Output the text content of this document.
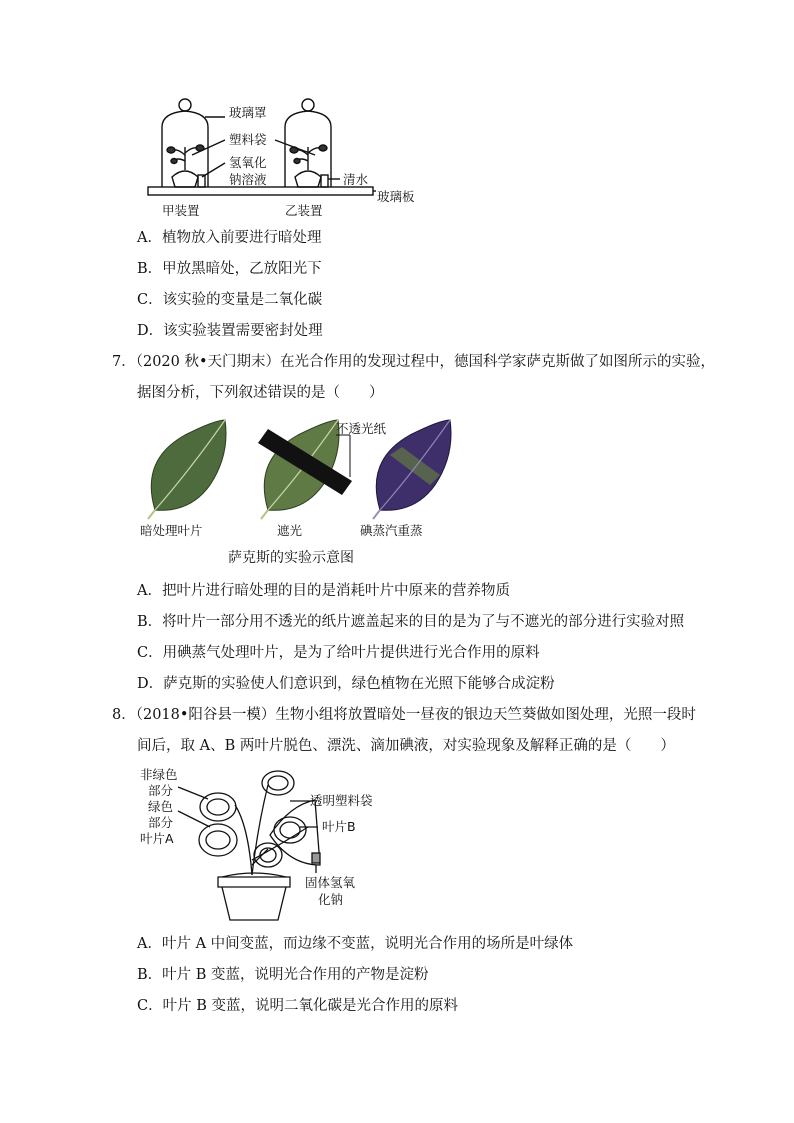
玻璃罩
塑料袋
氢氧化
钠溶液	清水
玻璃板
甲装置	乙装置
A．植物放入前要进行暗处理
B．甲放黑暗处，乙放阳光下
C．该实验的变量是二氧化碳
D．该实验装置需要密封处理
7．（2020 秋•天门期末）在光合作用的发现过程中，德国科学家萨克斯做了如图所示的实验，
据图分析，下列叙述错误的是（　　）
不透光纸
暗处理叶片	遮光	碘蒸汽重蒸
萨克斯的实验示意图
A．把叶片进行暗处理的目的是消耗叶片中原来的营养物质
B．将叶片一部分用不透光的纸片遮盖起来的目的是为了与不遮光的部分进行实验对照
C．用碘蒸气处理叶片，是为了给叶片提供进行光合作用的原料
D．萨克斯的实验使人们意识到，绿色植物在光照下能够合成淀粉
8．（2018•阳谷县一模）生物小组将放置暗处一昼夜的银边天竺葵做如图处理，光照一段时
间后，取 A、B 两叶片脱色、漂洗、滴加碘液，对实验现象及解释正确的是（　　）
非绿色
部分
绿色
部分
叶片A
透明塑料袋
叶片B
固体氢氧
化钠
A．叶片 A 中间变蓝，而边缘不变蓝，说明光合作用的场所是叶绿体
B．叶片 B 变蓝，说明光合作用的产物是淀粉
C．叶片 B 变蓝，说明二氧化碳是光合作用的原料
